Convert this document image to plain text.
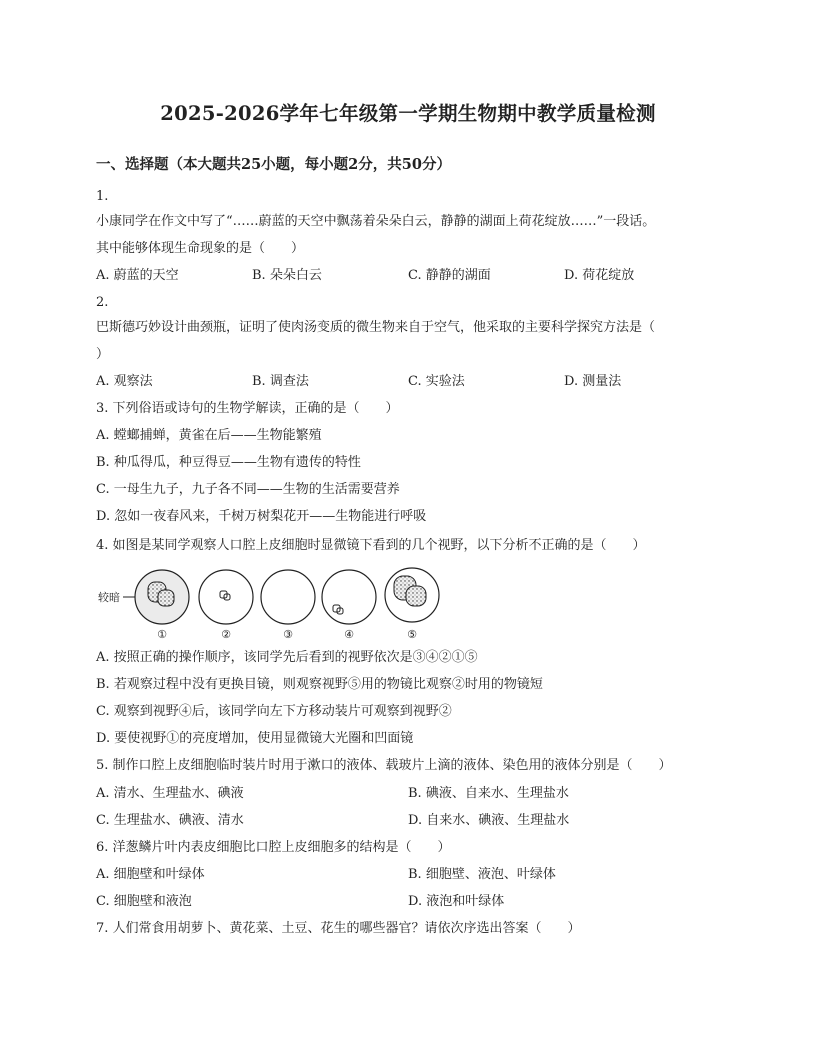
2025-2026学年七年级第一学期生物期中教学质量检测
一、选择题（本大题共25小题，每小题2分，共50分）
1.
小康同学在作文中写了“……蔚蓝的天空中飘荡着朵朵白云，静静的湖面上荷花绽放……”一段话。
其中能够体现生命现象的是（　　）
A. 蔚蓝的天空	B. 朵朵白云	C. 静静的湖面	D. 荷花绽放
2.
巴斯德巧妙设计曲颈瓶，证明了使肉汤变质的微生物来自于空气，他采取的主要科学探究方法是（
）
A. 观察法	B. 调查法	C. 实验法	D. 测量法
3. 下列俗语或诗句的生物学解读，正确的是（　　）
A. 螳螂捕蝉，黄雀在后——生物能繁殖
B. 种瓜得瓜，种豆得豆——生物有遗传的特性
C. 一母生九子，九子各不同——生物的生活需要营养
D. 忽如一夜春风来，千树万树梨花开——生物能进行呼吸
4. 如图是某同学观察人口腔上皮细胞时显微镜下看到的几个视野，以下分析不正确的是（　　）
较暗
①	②	③	④	⑤
A. 按照正确的操作顺序，该同学先后看到的视野依次是③④②①⑤
B. 若观察过程中没有更换目镜，则观察视野⑤用的物镜比观察②时用的物镜短
C. 观察到视野④后，该同学向左下方移动装片可观察到视野②
D. 要使视野①的亮度增加，使用显微镜大光圈和凹面镜
5. 制作口腔上皮细胞临时装片时用于漱口的液体、载玻片上滴的液体、染色用的液体分别是（　　）
A. 清水、生理盐水、碘液	B. 碘液、自来水、生理盐水
C. 生理盐水、碘液、清水	D. 自来水、碘液、生理盐水
6. 洋葱鳞片叶内表皮细胞比口腔上皮细胞多的结构是（　　）
A. 细胞壁和叶绿体	B. 细胞壁、液泡、叶绿体
C. 细胞壁和液泡	D. 液泡和叶绿体
7. 人们常食用胡萝卜、黄花菜、土豆、花生的哪些器官？请依次序选出答案（　　）
